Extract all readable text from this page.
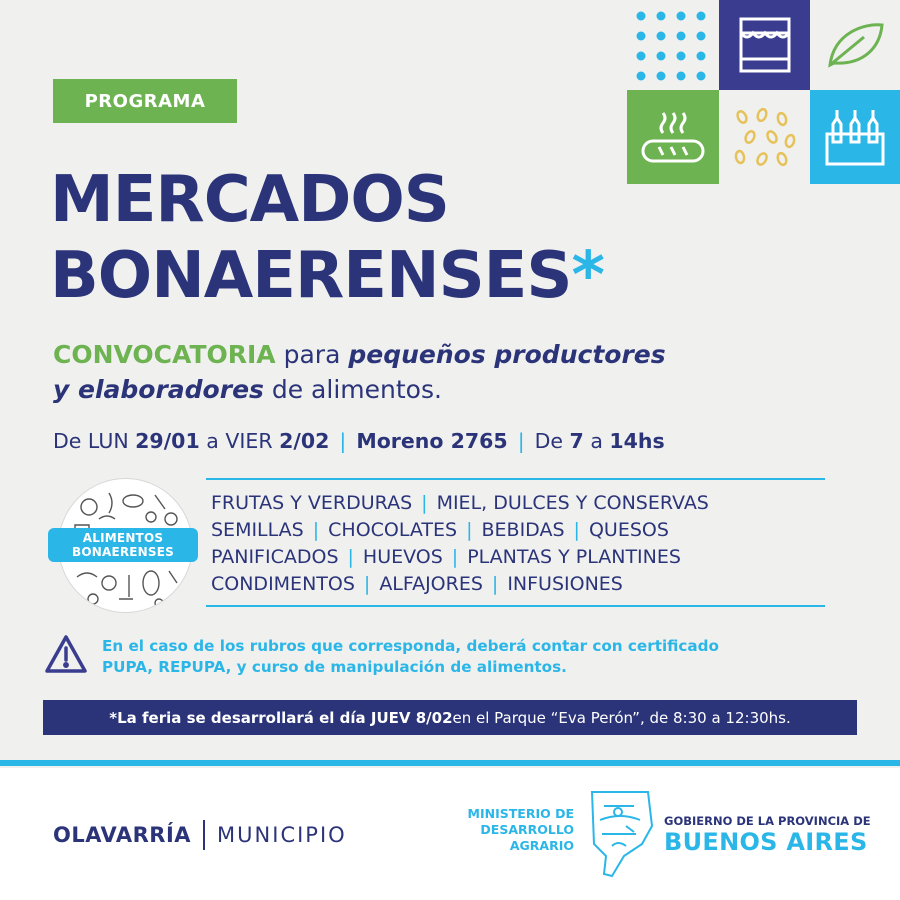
PROGRAMA
MERCADOS
BONAERENSES*
CONVOCATORIA para pequeños productores
y elaboradores de alimentos.
De LUN 29/01 a VIER 2/02 | Moreno 2765 | De 7 a 14hs
ALIMENTOS
BONAERENSES
FRUTAS Y VERDURAS | MIEL, DULCES Y CONSERVAS
SEMILLAS | CHOCOLATES | BEBIDAS | QUESOS
PANIFICADOS | HUEVOS | PLANTAS Y PLANTINES
CONDIMENTOS | ALFAJORES | INFUSIONES
En el caso de los rubros que corresponda, deberá contar con certificado
PUPA, REPUPA, y curso de manipulación de alimentos.
*La feria se desarrollará el día JUEV 8/02 en el Parque “Eva Perón”, de 8:30 a 12:30hs.
OLAVARRÍA MUNICIPIO
MINISTERIO DE
DESARROLLO
AGRARIO
GOBIERNO DE LA PROVINCIA DE
BUENOS AIRES
